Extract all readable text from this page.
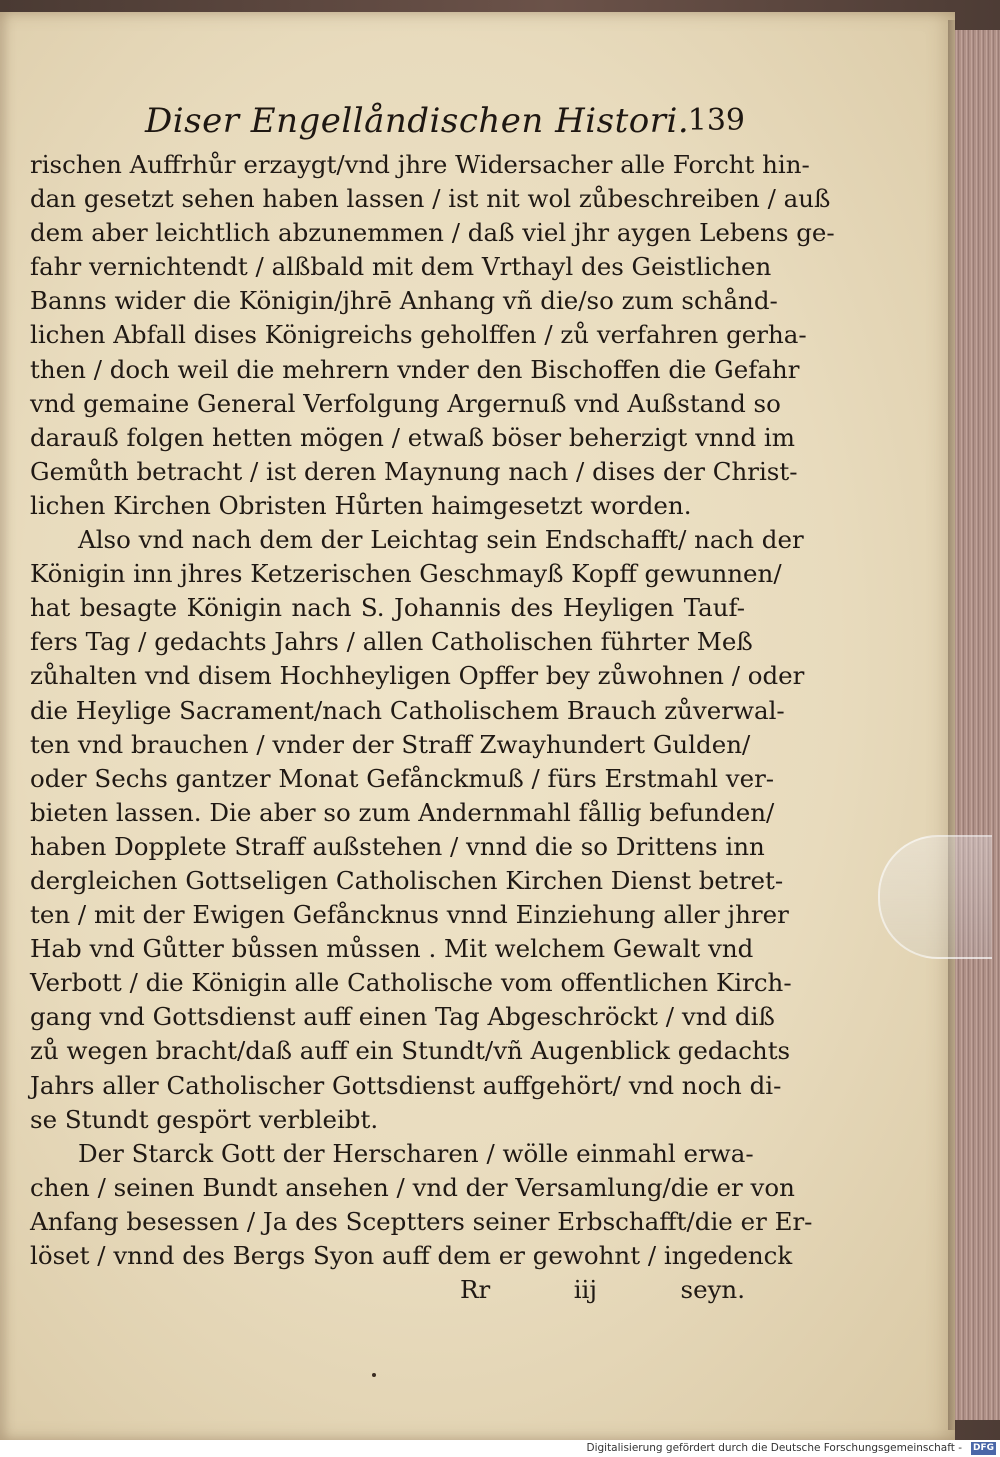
Diser Engellåndischen Histori.
139
rischen Auffrhůr erzaygt/vnd jhre Widersacher alle Forcht hin-
dan gesetzt sehen haben lassen / ist nit wol zůbeschreiben / auß
dem aber leichtlich abzunemmen / daß viel jhr aygen Lebens ge-
fahr vernichtendt / alßbald mit dem Vrthayl des Geistlichen
Banns wider die Königin/jhrē Anhang vñ die/so zum schånd-
lichen Abfall dises Königreichs geholffen / zů verfahren gerha-
then / doch weil die mehrern vnder den Bischoffen die Gefahr
vnd gemaine General Verfolgung Argernuß vnd Außstand so
darauß folgen hetten mögen / etwaß böser beherzigt vnnd im
Gemůth betracht / ist deren Maynung nach / dises der Christ-
lichen Kirchen Obristen Hůrten haimgesetzt worden.
Also vnd nach dem der Leichtag sein Endschafft/ nach der
Königin inn jhres Ketzerischen Geschmayß Kopff gewunnen/
hat besagte Königin nach S. Johannis des Heyligen Tauf-
fers Tag / gedachts Jahrs / allen Catholischen führter Meß
zůhalten vnd disem Hochheyligen Opffer bey zůwohnen / oder
die Heylige Sacrament/nach Catholischem Brauch zůverwal-
ten vnd brauchen / vnder der Straff Zwayhundert Gulden/
oder Sechs gantzer Monat Gefånckmuß / fürs Erstmahl ver-
bieten lassen. Die aber so zum Andernmahl fållig befunden/
haben Dopplete Straff außstehen / vnnd die so Drittens inn
dergleichen Gottseligen Catholischen Kirchen Dienst betret-
ten / mit der Ewigen Gefåncknus vnnd Einziehung aller jhrer
Hab vnd Gůtter bůssen můssen . Mit welchem Gewalt vnd
Verbott / die Königin alle Catholische vom offentlichen Kirch-
gang vnd Gottsdienst auff einen Tag Abgeschröckt / vnd diß
zů wegen bracht/daß auff ein Stundt/vñ Augenblick gedachts
Jahrs aller Catholischer Gottsdienst auffgehört/ vnd noch di-
se Stundt gespört verbleibt.
Der Starck Gott der Herscharen / wölle einmahl erwa-
chen / seinen Bundt ansehen / vnd der Versamlung/die er von
Anfang besessen / Ja des Sceptters seiner Erbschafft/die er Er-
löset / vnnd des Bergs Syon auff dem er gewohnt / ingedenck
Rr iij	seyn.
Digitalisierung gefördert durch die Deutsche Forschungsgemeinschaft - DFG
